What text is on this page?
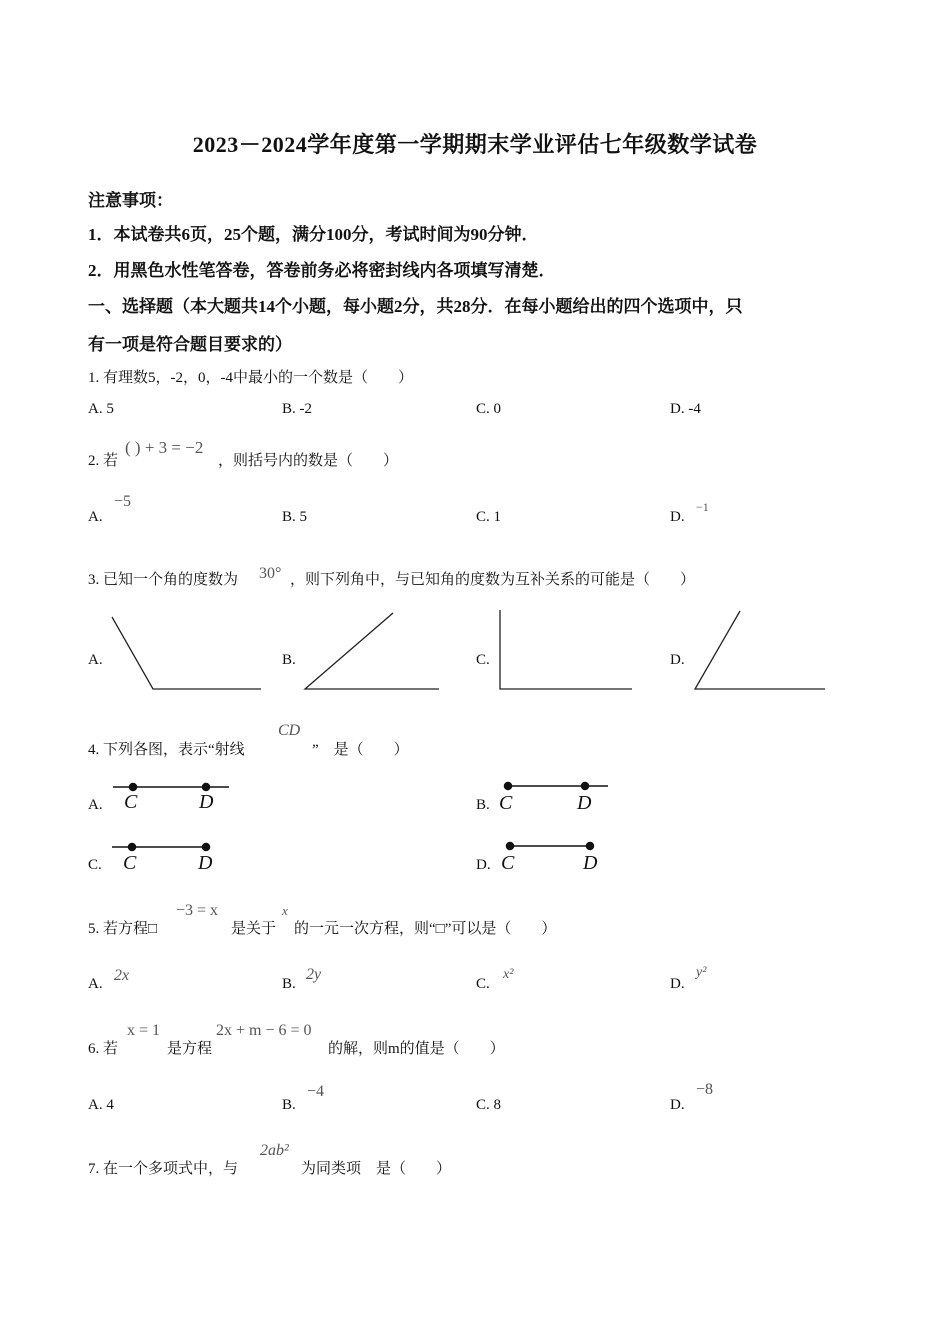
2023－2024学年度第一学期期末学业评估七年级数学试卷
注意事项：
1．本试卷共6页，25个题，满分100分，考试时间为90分钟．
2．用黑色水性笔答卷，答卷前务必将密封线内各项填写清楚．
一、选择题（本大题共14个小题，每小题2分，共28分．在每小题给出的四个选项中，只
有一项是符合题目要求的）
1. 有理数5，-2，0，-4中最小的一个数是（　　）
A. 5	B. -2	C. 0	D. -4
2. 若
( ) + 3 = −2
，则括号内的数是（　　）
A.
−5
B. 5	C. 1	D.
−1
3. 已知一个角的度数为 30° ，则下列角中，与已知角的度数为互补关系的可能是（　　）
A.	B.	C.	D.
4. 下列各图，表示“射线
CD
”　是（　　）
A.	B.
C.	D.
C	D	C	D
C	D	C	D
5. 若方程□
−3 = x
是关于
x
的一元一次方程，则“□”可以是（　　）
A. 2x	B.
2y
C.
x²
D.
y²
6. 若
x = 1
是方程
2x + m − 6 = 0
的解，则m的值是（　　）
A. 4	B.
−4
C. 8	D.
−8
7. 在一个多项式中，与
2ab²
为同类项　是（　　）
